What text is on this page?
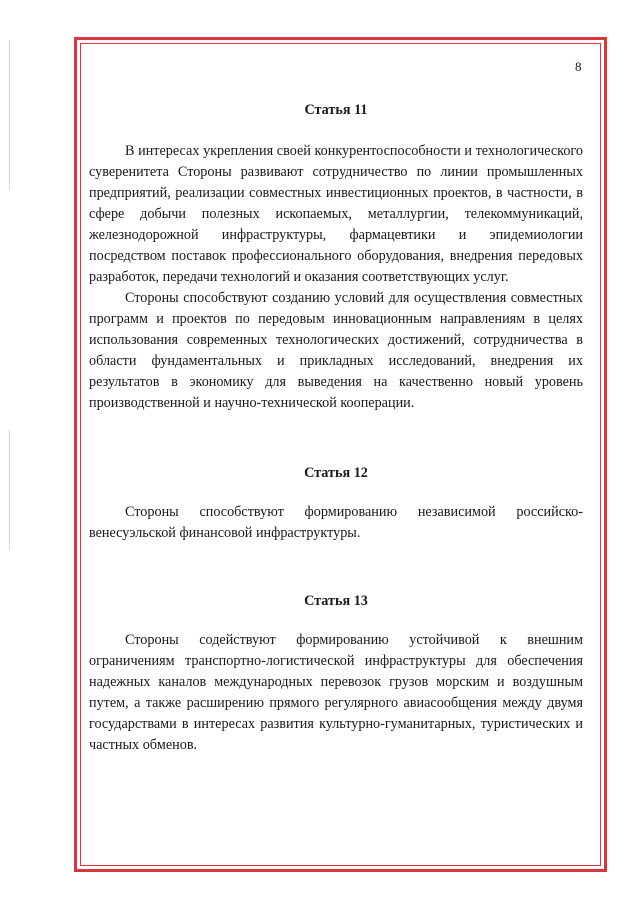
8

Статья 11

В интересах укрепления своей конкурентоспособности и технологического суверенитета Стороны развивают сотрудничество по линии промышленных предприятий, реализации совместных инвестиционных проектов, в частности, в сфере добычи полезных ископаемых, металлургии, телекоммуникаций, железнодорожной инфраструктуры, фармацевтики и эпидемиологии посредством поставок профессионального оборудования, внедрения передовых разработок, передачи технологий и оказания соответствующих услуг.

Стороны способствуют созданию условий для осуществления совместных программ и проектов по передовым инновационным направлениям в целях использования современных технологических достижений, сотрудничества в области фундаментальных и прикладных исследований, внедрения их результатов в экономику для выведения на качественно новый уровень производственной и научно-технической кооперации.

Статья 12

Стороны способствуют формированию независимой российско-венесуэльской финансовой инфраструктуры.

Статья 13

Стороны содействуют формированию устойчивой к внешним ограничениям транспортно-логистической инфраструктуры для обеспечения надежных каналов международных перевозок грузов морским и воздушным путем, а также расширению прямого регулярного авиасообщения между двумя государствами в интересах развития культурно-гуманитарных, туристических и частных обменов.
